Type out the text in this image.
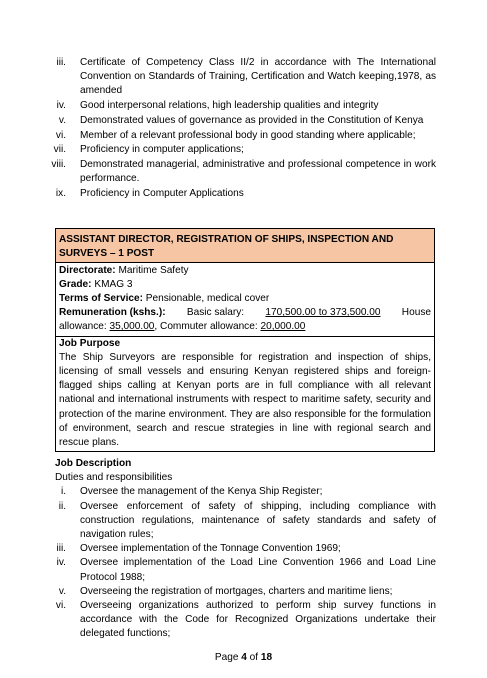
iii. Certificate of Competency Class II/2 in accordance with The International Convention on Standards of Training, Certification and Watch keeping,1978, as amended
iv. Good interpersonal relations, high leadership qualities and integrity
v. Demonstrated values of governance as provided in the Constitution of Kenya
vi. Member of a relevant professional body in good standing where applicable;
vii. Proficiency in computer applications;
viii. Demonstrated managerial, administrative and professional competence in work performance.
ix. Proficiency in Computer Applications
ASSISTANT DIRECTOR, REGISTRATION OF SHIPS, INSPECTION AND SURVEYS – 1 POST

Directorate: Maritime Safety
Grade: KMAG 3
Terms of Service: Pensionable, medical cover
Remuneration (kshs.): Basic salary: 170,500.00 to 373,500.00 House
allowance: 35,000.00, Commuter allowance: 20,000.00

Job Purpose
The Ship Surveyors are responsible for registration and inspection of ships, licensing of small vessels and ensuring Kenyan registered ships and foreign-flagged ships calling at Kenyan ports are in full compliance with all relevant national and international instruments with respect to maritime safety, security and protection of the marine environment. They are also responsible for the formulation of environment, search and rescue strategies in line with regional search and rescue plans.
Job Description
Duties and responsibilities
i. Oversee the management of the Kenya Ship Register;
ii. Oversee enforcement of safety of shipping, including compliance with construction regulations, maintenance of safety standards and safety of navigation rules;
iii. Oversee implementation of the Tonnage Convention 1969;
iv. Oversee implementation of the Load Line Convention 1966 and Load Line Protocol 1988;
v. Overseeing the registration of mortgages, charters and maritime liens;
vi. Overseeing organizations authorized to perform ship survey functions in accordance with the Code for Recognized Organizations undertake their delegated functions;
Page 4 of 18
